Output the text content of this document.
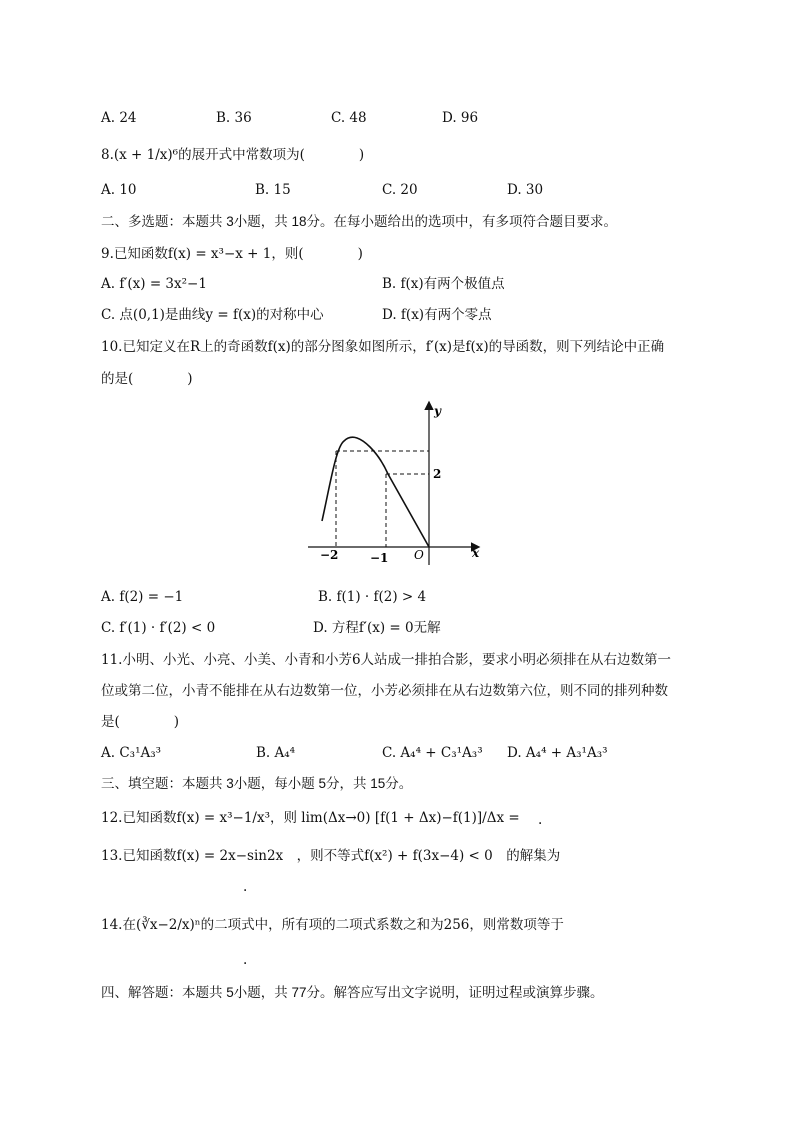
A. 24	B. 36	C. 48	D. 96
8.(x + 1/x)⁶的展开式中常数项为(　　　　)
A. 10	B. 15	C. 20	D. 30
二、多选题：本题共 3小题，共 18分。在每小题给出的选项中，有多项符合题目要求。
9.已知函数f(x) = x³−x + 1，则(　　　　)
A. f′(x) = 3x²−1	B. f(x)有两个极值点
C. 点(0,1)是曲线y = f(x)的对称中心	D. f(x)有两个零点
10.已知定义在R上的奇函数f(x)的部分图象如图所示，f′(x)是f(x)的导函数，则下列结论中正确
的是(　　　　)
y
x
O
2
−2	−1
A. f(2) = −1	B. f(1) · f(2) > 4
C. f′(1) · f′(2) < 0	D. 方程f′(x) = 0无解
11.小明、小光、小亮、小美、小青和小芳6人站成一排拍合影，要求小明必须排在从右边数第一
位或第二位，小青不能排在从右边数第一位，小芳必须排在从右边数第六位，则不同的排列种数
是(　　　　)
A. C₃¹A₃³	B. A₄⁴	C. A₄⁴ + C₃¹A₃³ D. A₄⁴ + A₃¹A₃³
三、填空题：本题共 3小题，每小题 5分，共 15分。
12.已知函数f(x) = x³−1/x³，则 lim(Δx→0) [f(1 + Δx)−f(1)]/Δx = .
13.已知函数f(x) = 2x−sin2x　，则不等式f(x²) + f(3x−4) < 0　的解集为
.
14.在(∛x−2/x)ⁿ的二项式中，所有项的二项式系数之和为256，则常数项等于
.
四、解答题：本题共 5小题，共 77分。解答应写出文字说明，证明过程或演算步骤。
